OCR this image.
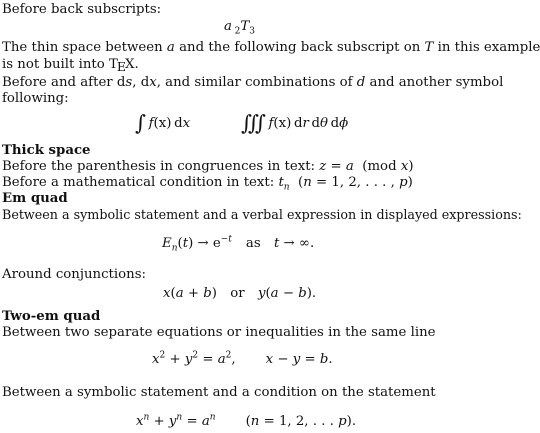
Before back subscripts:
a  $_2T_3$
The thin space between a and the following back subscript on T in this example
is not built into TEX.
Before and after ds, dx, and similar combinations of d and another symbol
following:
∫  f(x)  dx ∭  f(x)  dr  dθ  dϕ
Thick space
Before the parenthesis in congruences in text: z = a  (mod x)
Before a mathematical condition in text: $t_n$  (n = 1, 2, . . . , p)
Em quad
Between a symbolic statement and a verbal expression in displayed expressions:
$E_n(t) \to e^{-t}$ as  t → ∞.
Around conjunctions:
x(a + b)  or  y(a − b).
Two-em quad
Between two separate equations or inequalities in the same line
$x^2 + y^2 = a^2$, x − y = b.
Between a symbolic statement and a condition on the statement
$x^n + y^n = a^n$ (n = 1, 2, . . . p).
